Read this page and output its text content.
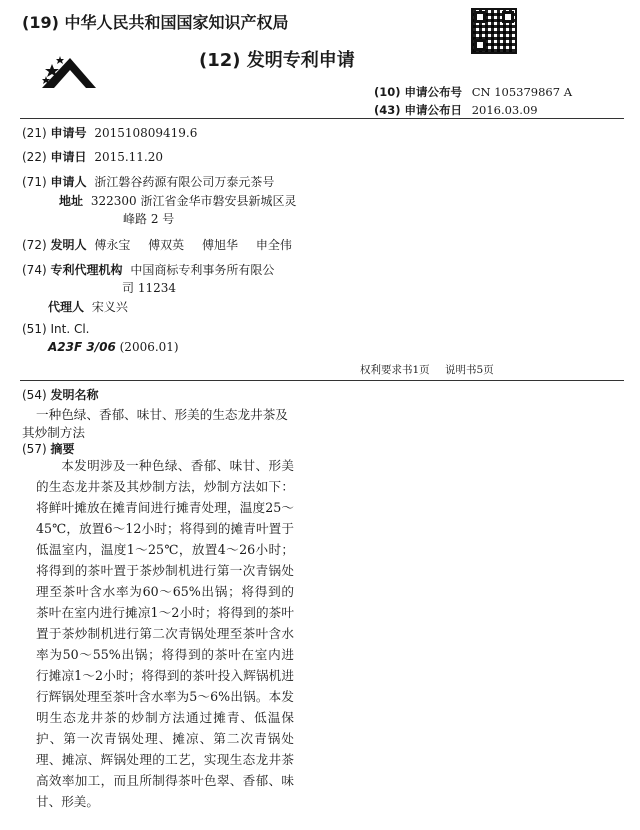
(19) 中华人民共和国国家知识产权局
(12) 发明专利申请
(10) 申请公布号 CN 105379867 A
(43) 申请公布日 2016.03.09
(21) 申请号 201510809419.6
(22) 申请日 2015.11.20
(71) 申请人 浙江磐谷药源有限公司万泰元茶号
地址 322300 浙江省金华市磐安县新城区灵
峰路 2 号
(72) 发明人 傅永宝 傅双英 傅旭华 申全伟
(74) 专利代理机构 中国商标专利事务所有限公
司 11234
代理人 宋义兴
(51) Int. Cl.
A23F 3/06 (2006.01)
权利要求书1页 说明书5页
(54) 发明名称
一种色绿、香郁、味甘、形美的生态龙井茶及
其炒制方法
(57) 摘要
本发明涉及一种色绿、香郁、味甘、形美的生态龙井茶及其炒制方法，炒制方法如下：将鲜叶摊放在摊青间进行摊青处理，温度25～45℃，放置6～12小时；将得到的摊青叶置于低温室内，温度1～25℃，放置4～26小时；将得到的茶叶置于茶炒制机进行第一次青锅处理至茶叶含水率为60～65%出锅；将得到的茶叶在室内进行摊凉1～2小时；将得到的茶叶置于茶炒制机进行第二次青锅处理至茶叶含水率为50～55%出锅；将得到的茶叶在室内进行摊凉1～2小时；将得到的茶叶投入辉锅机进行辉锅处理至茶叶含水率为5～6%出锅。本发明生态龙井茶的炒制方法通过摊青、低温保护、第一次青锅处理、摊凉、第二次青锅处理、摊凉、辉锅处理的工艺，实现生态龙井茶高效率加工，而且所制得茶叶色翠、香郁、味甘、形美。
